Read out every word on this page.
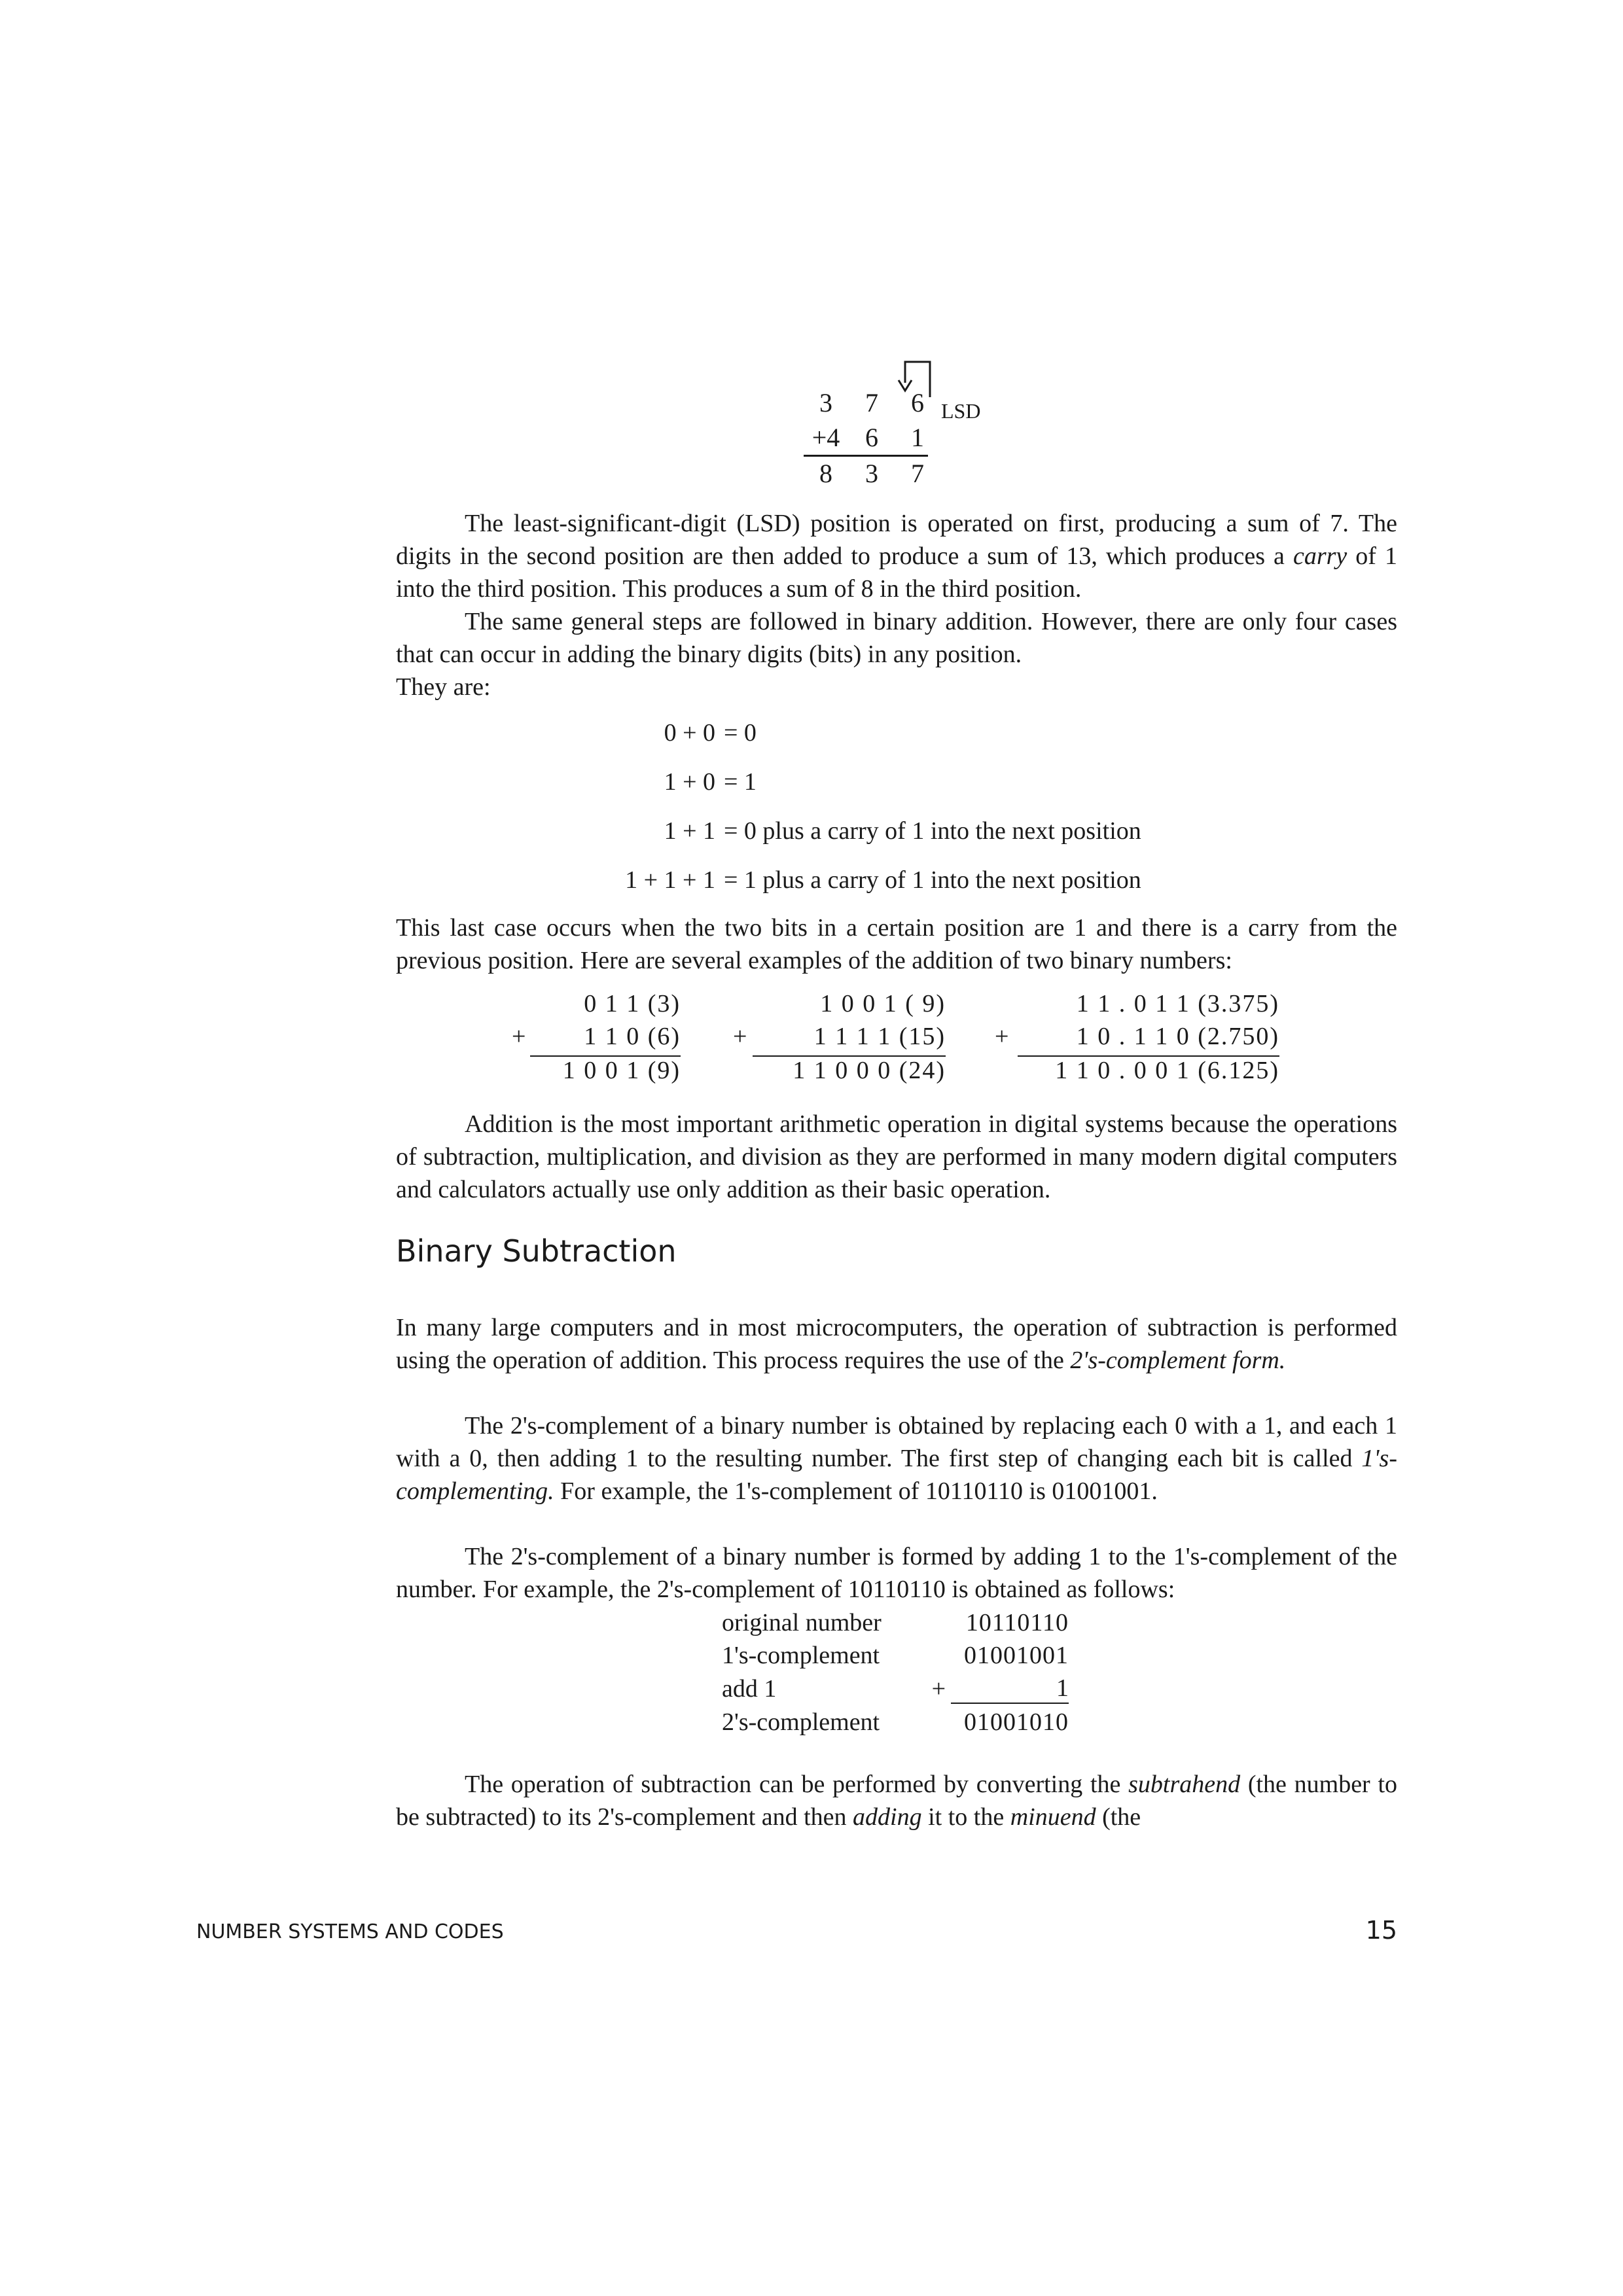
3 7 6 LSD
+4 6 1
8 3 7

The least-significant-digit (LSD) position is operated on first, producing a sum of 7. The digits in the second position are then added to produce a sum of 13, which produces a carry of 1 into the third position. This produces a sum of 8 in the third position.

The same general steps are followed in binary addition. However, there are only four cases that can occur in adding the binary digits (bits) in any position.

They are:

0 + 0 = 0
1 + 0 = 1
1 + 1 = 0 plus a carry of 1 into the next position
1 + 1 + 1 = 1 plus a carry of 1 into the next position

This last case occurs when the two bits in a certain position are 1 and there is a carry from the previous position. Here are several examples of the addition of two binary numbers:

0 1 1 (3)
+ 1 1 0 (6)
1 0 0 1 (9)
1 0 0 1 ( 9)
+	1 1 1 1 (15)
1 1 0 0 0 (24)
1 1 . 0 1 1 (3.375)
+	1 0 . 1 1 0 (2.750)
1 1 0 . 0 0 1 (6.125)

Addition is the most important arithmetic operation in digital systems because the operations of subtraction, multiplication, and division as they are performed in many modern digital computers and calculators actually use only addition as their basic operation.

Binary Subtraction

In many large computers and in most microcomputers, the operation of subtraction is performed using the operation of addition. This process requires the use of the 2's-complement form.

The 2's-complement of a binary number is obtained by replacing each 0 with a 1, and each 1 with a 0, then adding 1 to the resulting number. The first step of changing each bit is called 1's-complementing. For example, the 1's-complement of 10110110 is 01001001.

The 2's-complement of a binary number is formed by adding 1 to the 1's-complement of the number. For example, the 2's-complement of 10110110 is obtained as follows:

original number		10110110
1's-complement		01001001
add 1	+	1
2's-complement		01001010

The operation of subtraction can be performed by converting the subtrahend (the number to be subtracted) to its 2's-complement and then adding it to the minuend (the

NUMBER SYSTEMS AND CODES	15
